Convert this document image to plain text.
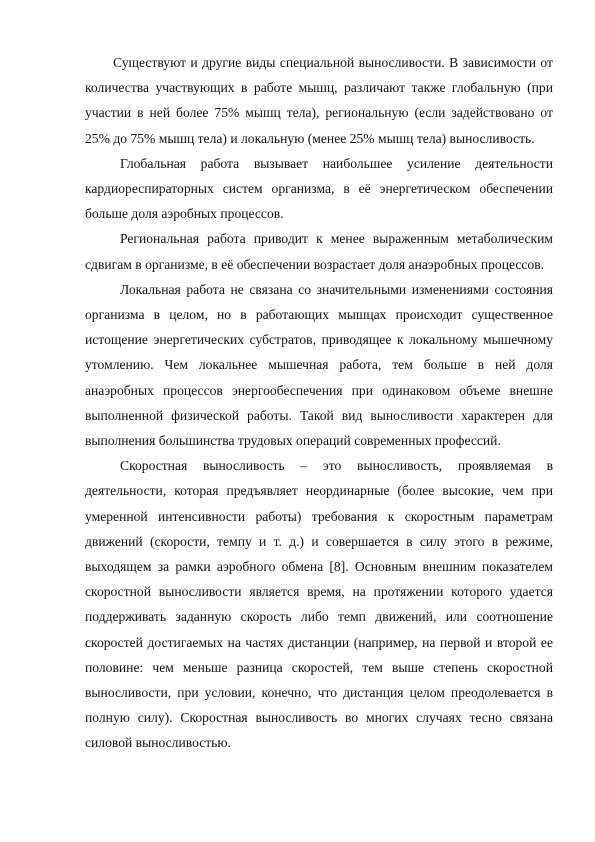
Существуют и другие виды специальной выносливости. В зависимости от количества участвующих в работе мышц, различают также глобальную (при участии в ней более 75% мышц тела), региональную (если задействовано от 25% до 75% мышц тела) и локальную (менее 25% мышц тела) выносливость.

Глобальная работа вызывает наибольшее усиление деятельности кардиореспираторных систем организма, в её энергетическом обеспечении больше доля аэробных процессов.

Региональная работа приводит к менее выраженным метаболическим сдвигам в организме, в её обеспечении возрастает доля анаэробных процессов.

Локальная работа не связана со значительными изменениями состояния организма в целом, но в работающих мышцах происходит существенное истощение энергетических субстратов, приводящее к локальному мышечному утомлению. Чем локальнее мышечная работа, тем больше в ней доля анаэробных процессов энергообеспечения при одинаковом объеме внешне выполненной физической работы. Такой вид выносливости характерен для выполнения большинства трудовых операций современных профессий.

Скоростная выносливость – это выносливость, проявляемая в деятельности, которая предъявляет неординарные (более высокие, чем при умеренной интенсивности работы) требования к скоростным параметрам движений (скорости, темпу и т. д.) и совершается в силу этого в режиме, выходящем за рамки аэробного обмена [8]. Основным внешним показателем скоростной выносливости является время, на протяжении которого удается поддерживать заданную скорость либо темп движений, или соотношение скоростей достигаемых на частях дистанции (например, на первой и второй ее половине: чем меньше разница скоростей, тем выше степень скоростной выносливости, при условии, конечно, что дистанция целом преодолевается в полную силу). Скоростная выносливость во многих случаях тесно связана силовой выносливостью.
